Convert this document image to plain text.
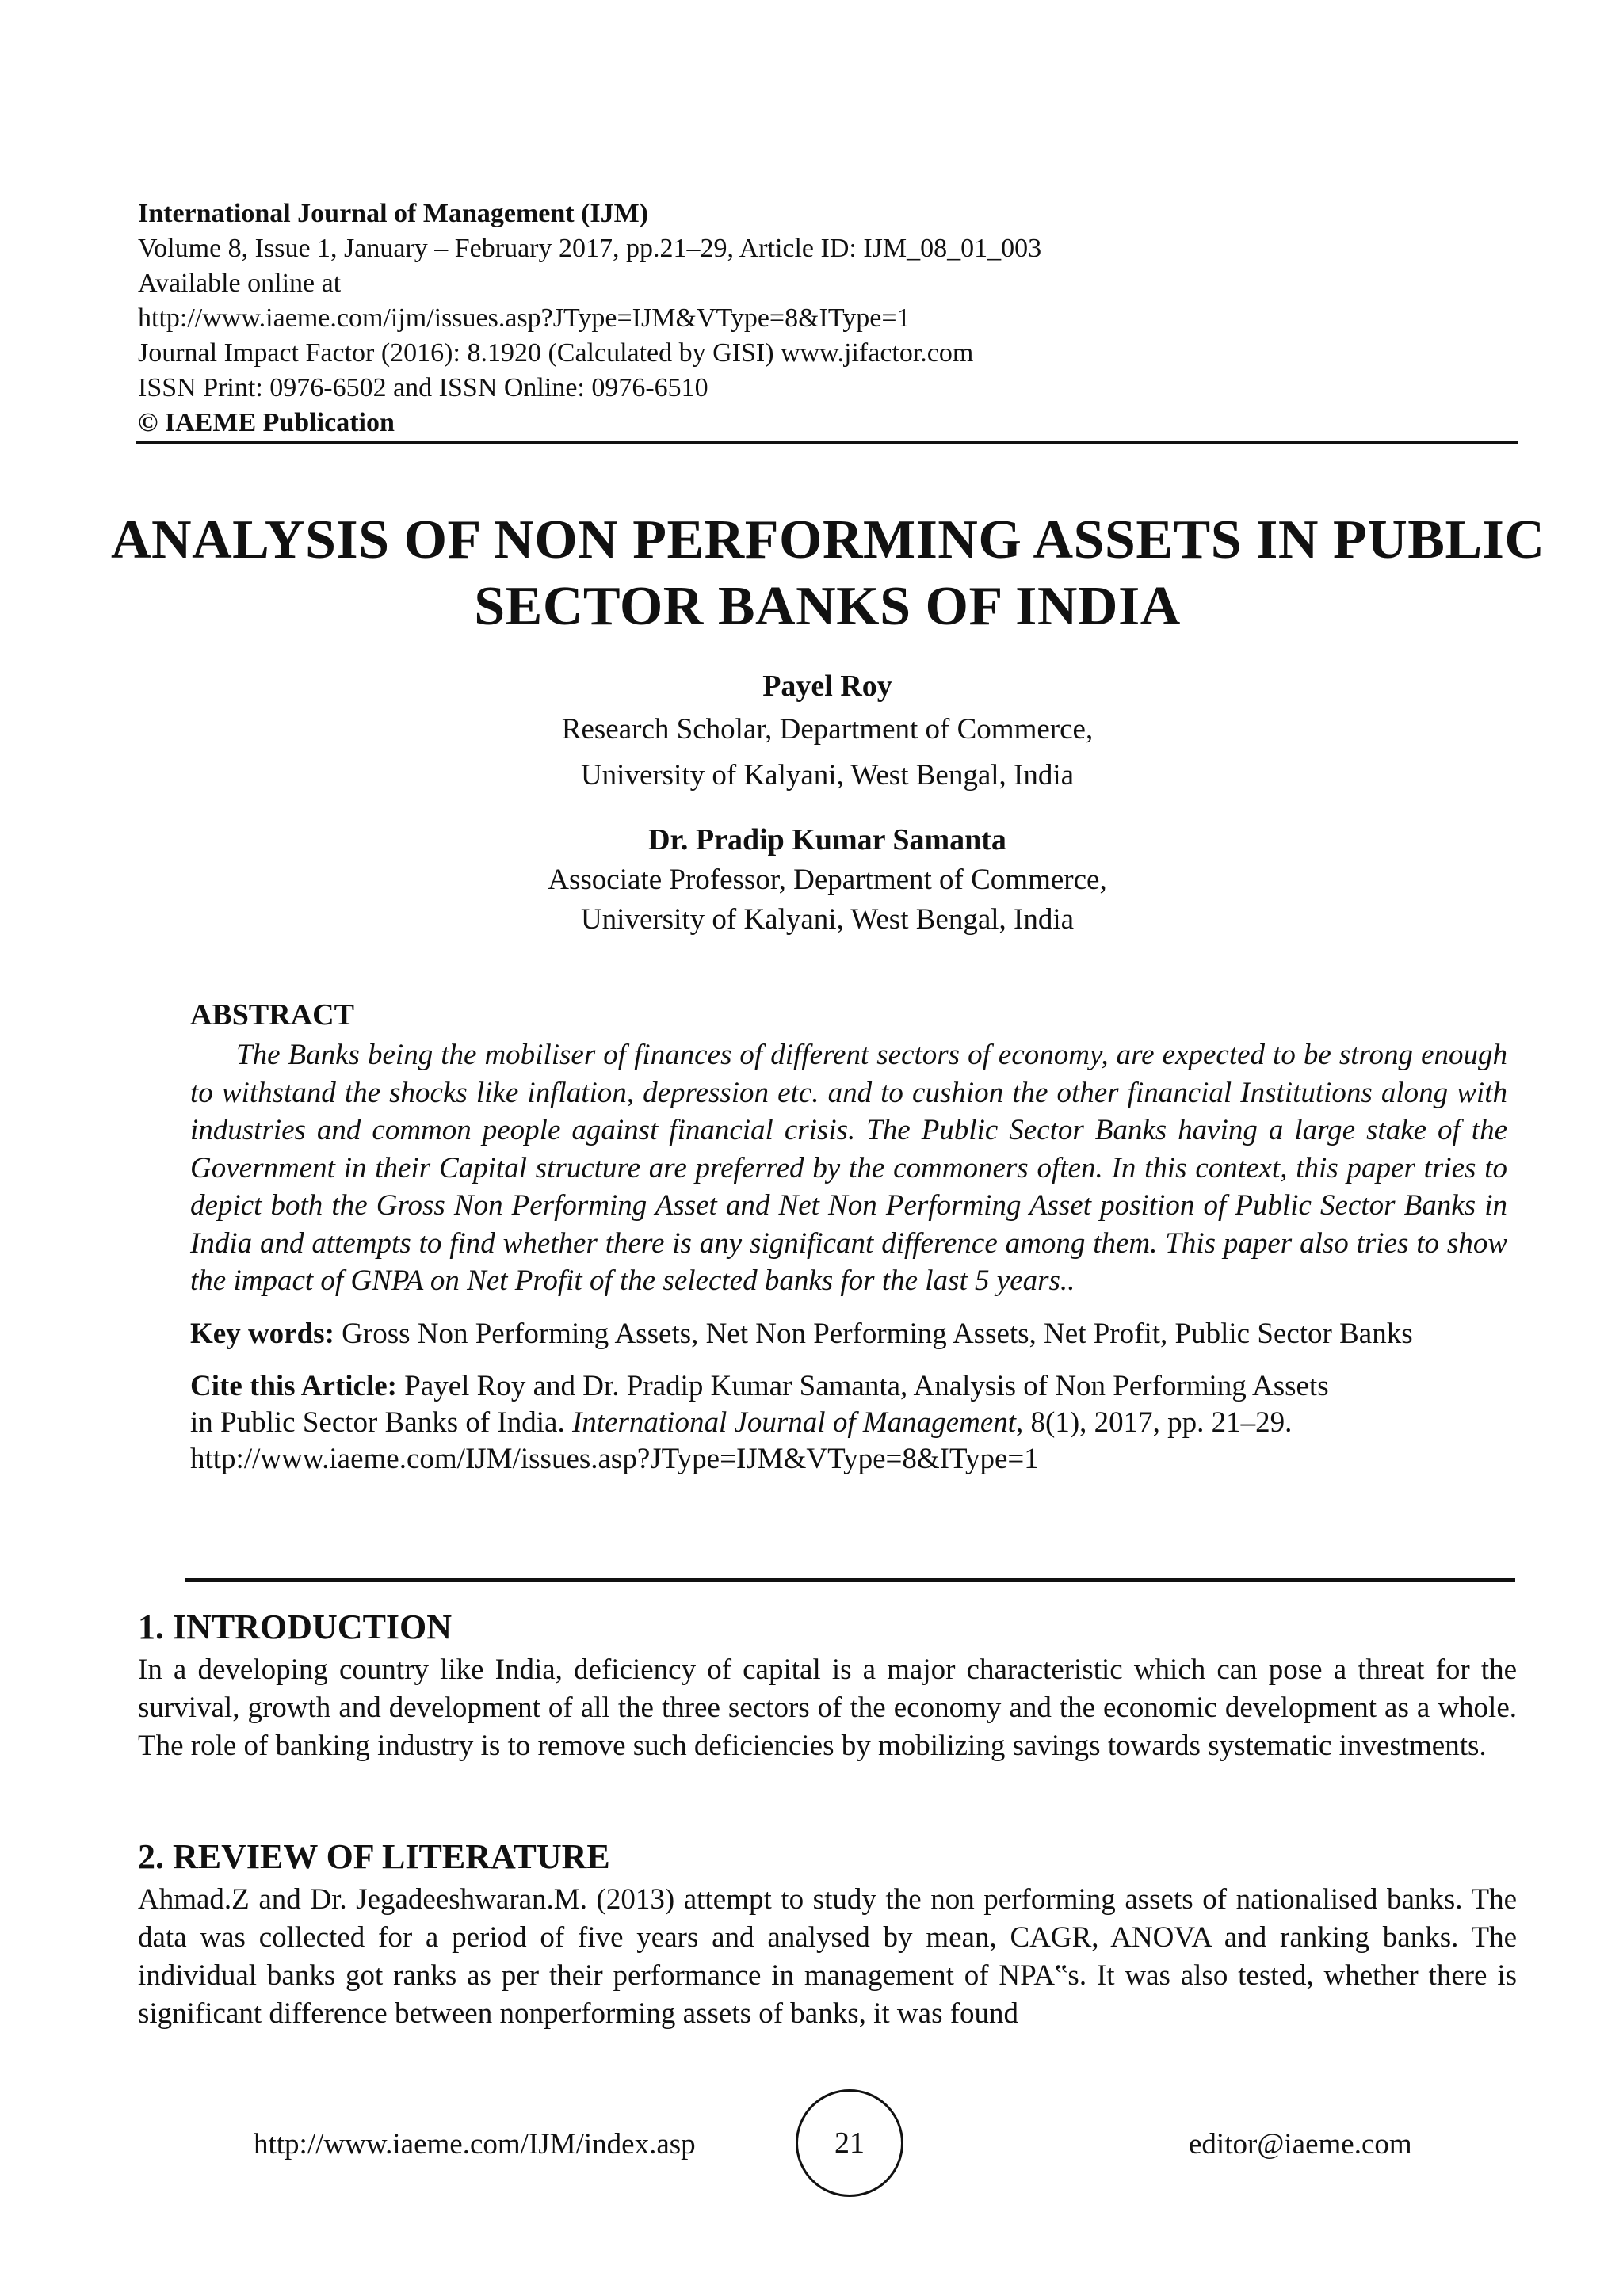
International Journal of Management (IJM)
Volume 8, Issue 1, January – February 2017, pp.21–29, Article ID: IJM_08_01_003
Available online at
http://www.iaeme.com/ijm/issues.asp?JType=IJM&VType=8&IType=1
Journal Impact Factor (2016): 8.1920 (Calculated by GISI) www.jifactor.com
ISSN Print: 0976-6502 and ISSN Online: 0976-6510
© IAEME Publication
ANALYSIS OF NON PERFORMING ASSETS IN PUBLIC
SECTOR BANKS OF INDIA
Payel Roy
Research Scholar, Department of Commerce,
University of Kalyani, West Bengal, India
Dr. Pradip Kumar Samanta
Associate Professor, Department of Commerce,
University of Kalyani, West Bengal, India
ABSTRACT

The Banks being the mobiliser of finances of different sectors of economy, are expected to be strong enough to withstand the shocks like inflation, depression etc. and to cushion the other financial Institutions along with industries and common people against financial crisis. The Public Sector Banks having a large stake of the Government in their Capital structure are preferred by the commoners often. In this context, this paper tries to depict both the Gross Non Performing Asset and Net Non Performing Asset position of Public Sector Banks in India and attempts to find whether there is any significant difference among them. This paper also tries to show the impact of GNPA on Net Profit of the selected banks for the last 5 years..

Key words: Gross Non Performing Assets, Net Non Performing Assets, Net Profit, Public Sector Banks
Cite this Article: Payel Roy and Dr. Pradip Kumar Samanta, Analysis of Non Performing Assets
in Public Sector Banks of India. International Journal of Management, 8(1), 2017, pp. 21–29.
http://www.iaeme.com/IJM/issues.asp?JType=IJM&VType=8&IType=1
1. INTRODUCTION

In a developing country like India, deficiency of capital is a major characteristic which can pose a threat for the survival, growth and development of all the three sectors of the economy and the economic development as a whole. The role of banking industry is to remove such deficiencies by mobilizing savings towards systematic investments.

2. REVIEW OF LITERATURE

Ahmad.Z and Dr. Jegadeeshwaran.M. (2013) attempt to study the non performing assets of nationalised banks. The data was collected for a period of five years and analysed by mean, CAGR, ANOVA and ranking banks. The individual banks got ranks as per their performance in management of NPA‟s. It was also tested, whether there is significant difference between nonperforming assets of banks, it was found

http://www.iaeme.com/IJM/index.asp	21	editor@iaeme.com
